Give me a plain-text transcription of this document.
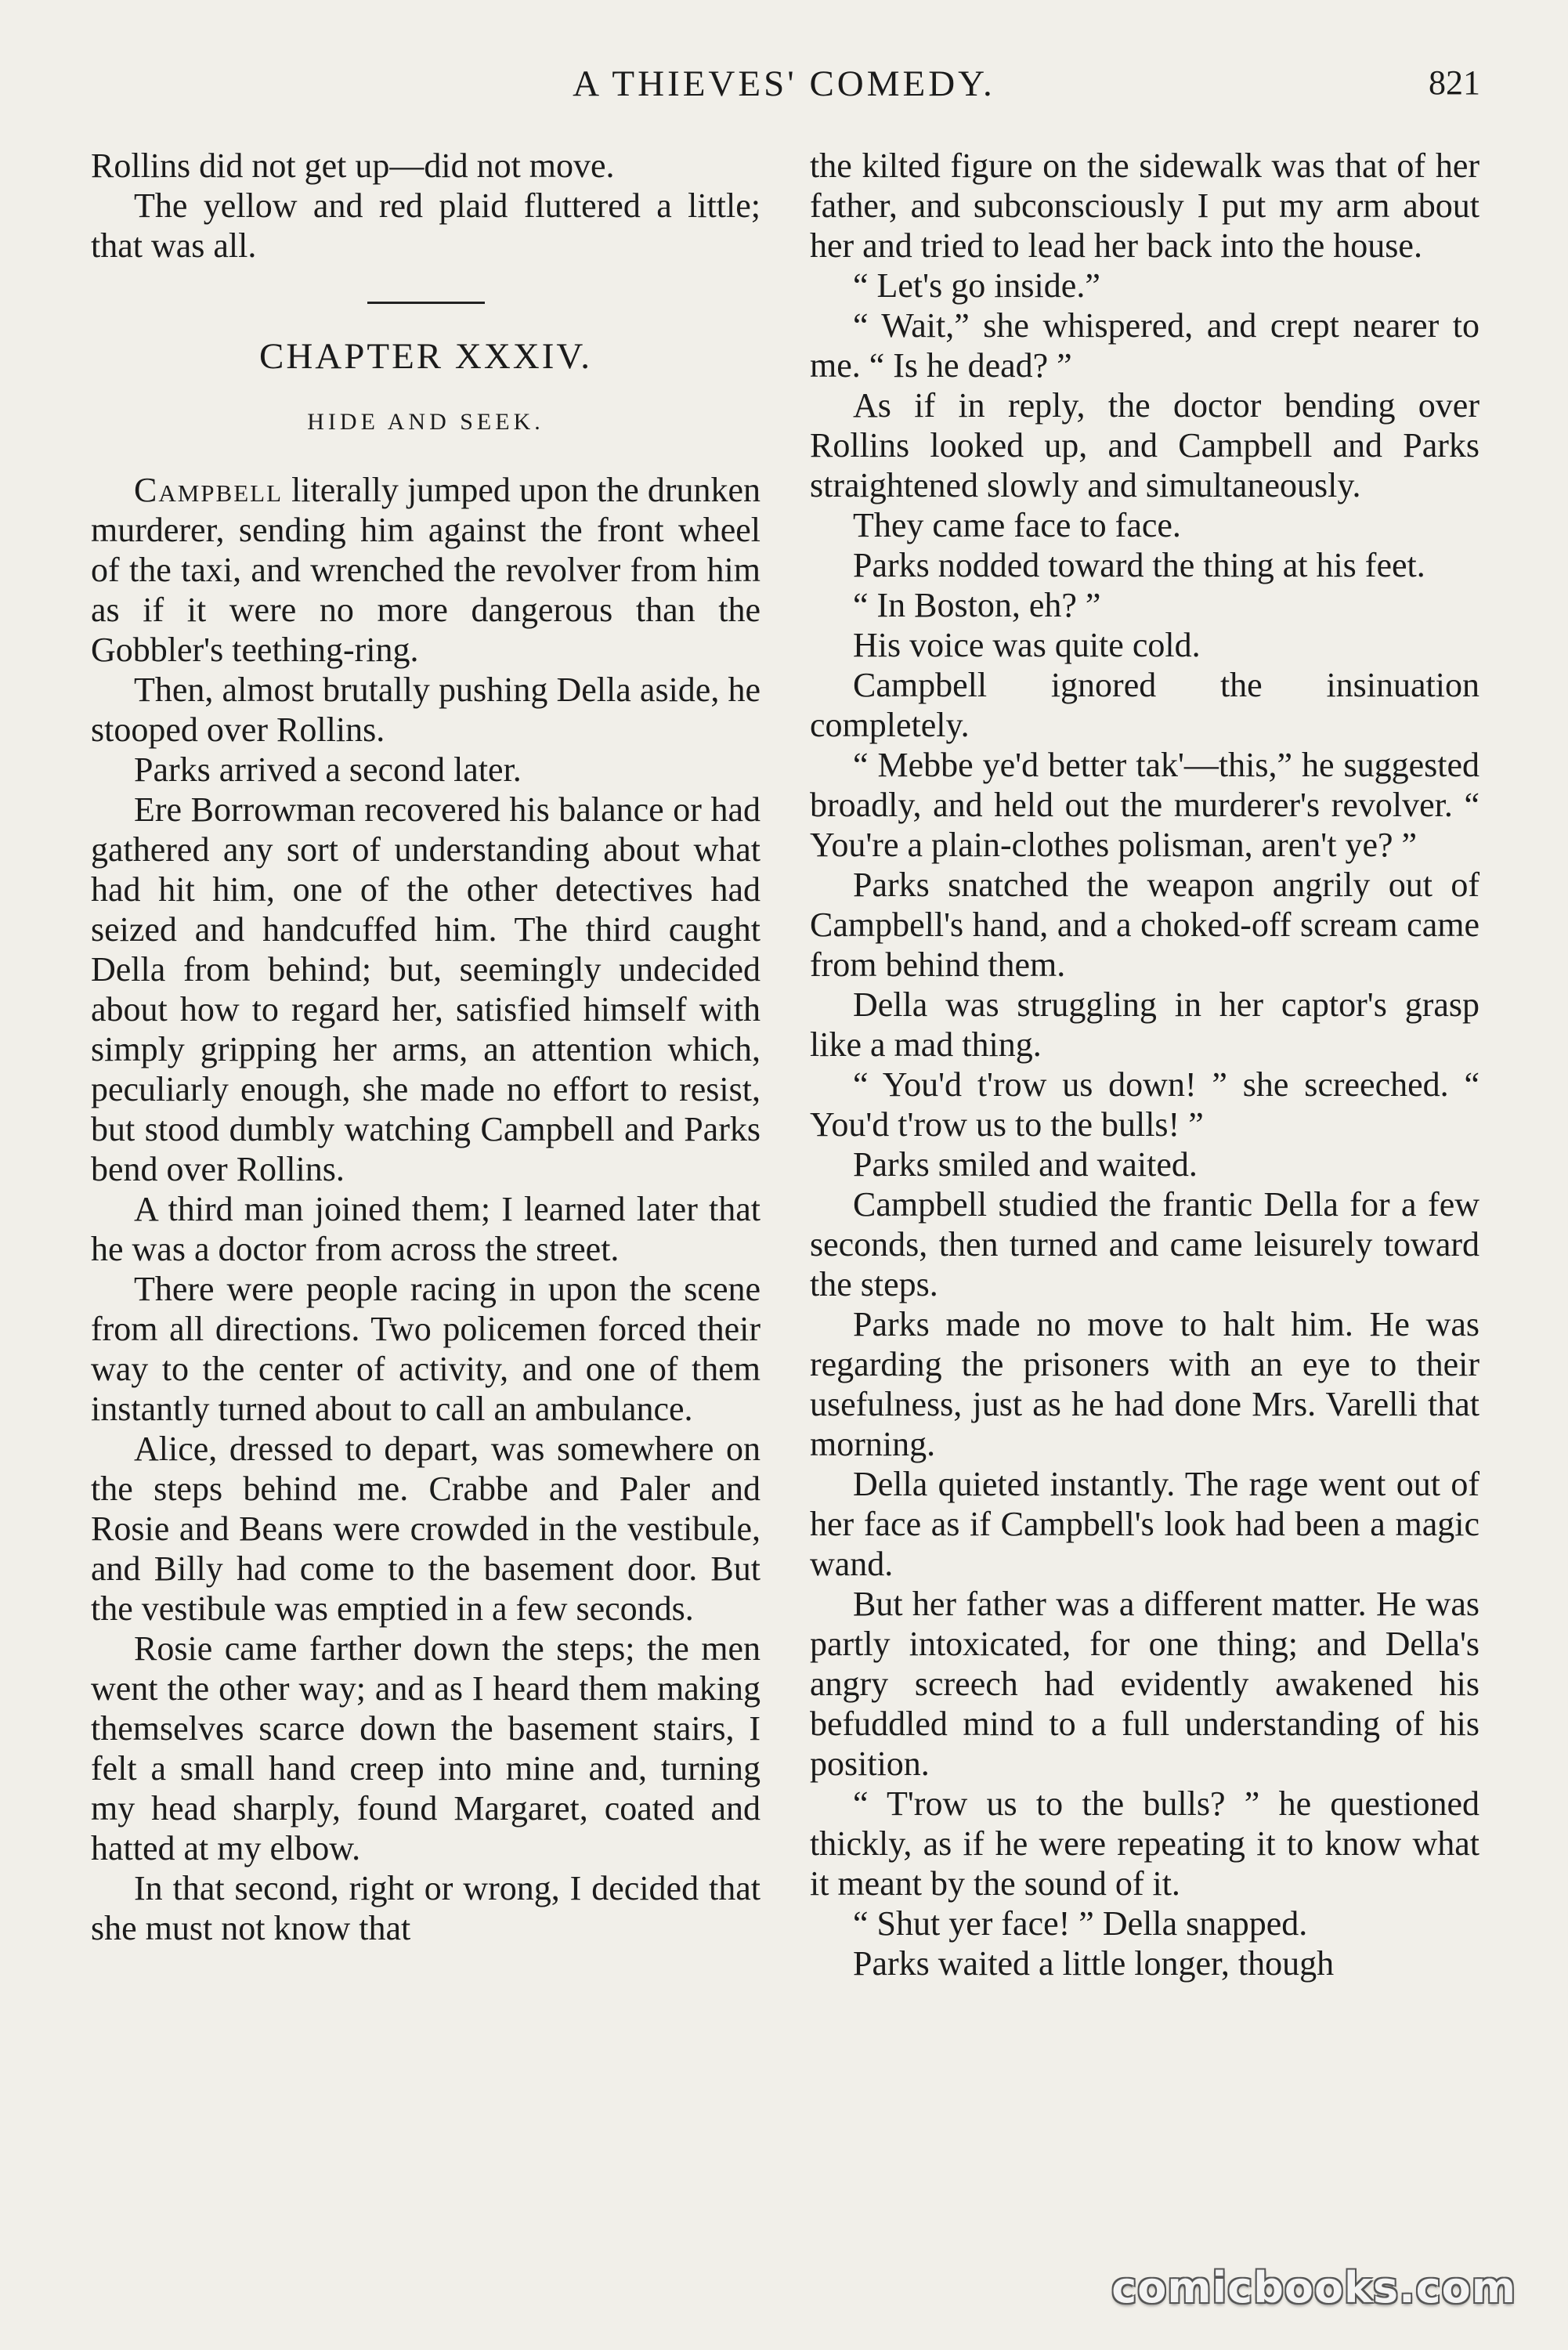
A THIEVES' COMEDY.	821

Rollins did not get up—did not move.

The yellow and red plaid fluttered a little; that was all.

CHAPTER XXXIV.
HIDE AND SEEK.

Campbell literally jumped upon the drunken murderer, sending him against the front wheel of the taxi, and wrenched the revolver from him as if it were no more dangerous than the Gobbler's teething-ring.

Then, almost brutally pushing Della aside, he stooped over Rollins.

Parks arrived a second later.

Ere Borrowman recovered his balance or had gathered any sort of understanding about what had hit him, one of the other detectives had seized and handcuffed him. The third caught Della from behind; but, seemingly undecided about how to regard her, satisfied himself with simply gripping her arms, an attention which, peculiarly enough, she made no effort to resist, but stood dumbly watching Campbell and Parks bend over Rollins.

A third man joined them; I learned later that he was a doctor from across the street.

There were people racing in upon the scene from all directions. Two policemen forced their way to the center of activity, and one of them instantly turned about to call an ambulance.

Alice, dressed to depart, was somewhere on the steps behind me. Crabbe and Paler and Rosie and Beans were crowded in the vestibule, and Billy had come to the basement door. But the vestibule was emptied in a few seconds.

Rosie came farther down the steps; the men went the other way; and as I heard them making themselves scarce down the basement stairs, I felt a small hand creep into mine and, turning my head sharply, found Margaret, coated and hatted at my elbow.

In that second, right or wrong, I decided that she must not know that

the kilted figure on the sidewalk was that of her father, and subconsciously I put my arm about her and tried to lead her back into the house.

“ Let's go inside.”

“ Wait,” she whispered, and crept nearer to me. “ Is he dead? ”

As if in reply, the doctor bending over Rollins looked up, and Campbell and Parks straightened slowly and simultaneously.

They came face to face.

Parks nodded toward the thing at his feet.

“ In Boston, eh? ”

His voice was quite cold.

Campbell ignored the insinuation completely.

“ Mebbe ye'd better tak'—this,” he suggested broadly, and held out the murderer's revolver. “ You're a plain-clothes polisman, aren't ye? ”

Parks snatched the weapon angrily out of Campbell's hand, and a choked-off scream came from behind them.

Della was struggling in her captor's grasp like a mad thing.

“ You'd t'row us down! ” she screeched. “ You'd t'row us to the bulls! ”

Parks smiled and waited.

Campbell studied the frantic Della for a few seconds, then turned and came leisurely toward the steps.

Parks made no move to halt him. He was regarding the prisoners with an eye to their usefulness, just as he had done Mrs. Varelli that morning.

Della quieted instantly. The rage went out of her face as if Campbell's look had been a magic wand.

But her father was a different matter. He was partly intoxicated, for one thing; and Della's angry screech had evidently awakened his befuddled mind to a full understanding of his position.

“ T'row us to the bulls? ” he questioned thickly, as if he were repeating it to know what it meant by the sound of it.

“ Shut yer face! ” Della snapped.

Parks waited a little longer, though

comicbooks.com
